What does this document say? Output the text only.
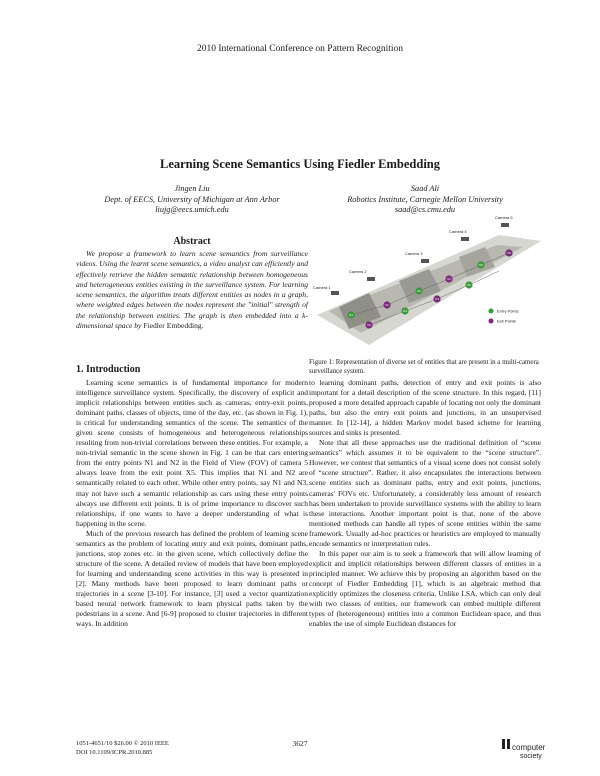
2010 International Conference on Pattern Recognition
Learning Scene Semantics Using Fiedler Embedding
Jingen Liu
Dept. of EECS, University of Michigan at Ann Arbor
liujg@eecs.umich.edu
Saad Ali
Robotics Institute, Carnegie Mellon University
saad@cs.cmu.edu
Abstract
We propose a framework to learn scene semantics from surveillance videos. Using the learnt scene semantics, a video analyst can efficiently and effectively retrieve the hidden semantic relationship between homogeneous and heterogeneous entities existing in the surveillance system. For learning scene semantics, the algorithm treats different entities as nodes in a graph, where weighted edges between the nodes represent the "initial" strength of the relationship between entities. The graph is then embedded into a k-dimensional space by Fiedler Embedding.
Camera 1
Camera 2
Camera 3
Camera 4
Camera 5
N1
X1
N2
X2
N3
X5
X3
N4
X4
X6
Entry Points
Exit Points
Figure 1: Representation of diverse set of entities that are present in a multi-camera surveillance system.
1. Introduction

Learning scene semantics is of fundamental importance for modern intelligence surveillance system. Specifically, the discovery of explicit and implicit relationships between entities such as cameras, entry-exit points, dominant paths, classes of objects, time of the day, etc. (as shown in Fig. 1), is critical for understanding semantics of the scene. The semantics of the given scene consists of homogeneous and heterogeneous relationships resulting from non-trivial correlations between these entities. For example, a non-trivial semantic in the scene shown in Fig. 1 can be that cars entering from the entry points N1 and N2 in the Field of View (FOV) of camera 5 always leave from the exit point X5. This implies that N1 and N2 are semantically related to each other. While other entry points, say N1 and N3, may not have such a semantic relationship as cars using these entry points always use different exit points. It is of prime importance to discover such relationships, if one wants to have a deeper understanding of what is happening in the scene.

Much of the previous research has defined the problem of learning scene semantics as the problem of locating entry and exit points, dominant paths, junctions, stop zones etc. in the given scene, which collectively define the structure of the scene. A detailed review of models that have been employed for learning and understanding scene activities in this way is presented in [2]. Many methods have been proposed to learn dominant paths or trajectories in a scene [3-10]. For instance, [3] used a vector quantization based neural network framework to learn physical paths taken by the pedestrians in a scene. And [6-9] proposed to cluster trajectories in different ways. In addition

to learning dominant paths, detection of entry and exit points is also important for a detail description of the scene structure. In this regard, [11] proposed a more detailed approach capable of locating not only the dominant paths, but also the entry exit points and junctions, in an unsupervised manner. In [12-14], a hidden Markov model based scheme for learning sources and sinks is presented.

Note that all these approaches use the traditional definition of “scene semantics” which assumes it to be equivalent to the “scene structure”. However, we contest that semantics of a visual scene does not consist solely of “scene structure”. Rather, it also encapsulates the interactions between scene entities such as dominant paths, entry and exit points, junctions, cameras' FOVs etc. Unfortunately, a considerably less amount of research has been undertaken to provide surveillance systems with the ability to learn these interactions. Another important point is that, none of the above mentioned methods can handle all types of scene entities within the same framework. Usually ad-hoc practices or heuristics are employed to manually encode semantics or interpretation rules.

In this paper our aim is to seek a framework that will allow learning of explicit and implicit relationships between different classes of entities in a principled manner. We achieve this by proposing an algorithm based on the concept of Fiedler Embedding [1], which is an algebraic method that explicitly optimizes the closeness criteria. Unlike LSA, which can only deal with two classes of entities, our framework can embed multiple different types of (heterogeneous) entities into a common Euclidean space, and thus enables the use of simple Euclidean distances for

1051-4651/10 $26.00 © 2010 IEEE
DOI 10.1109/ICPR.2010.885
3627	computer
society
